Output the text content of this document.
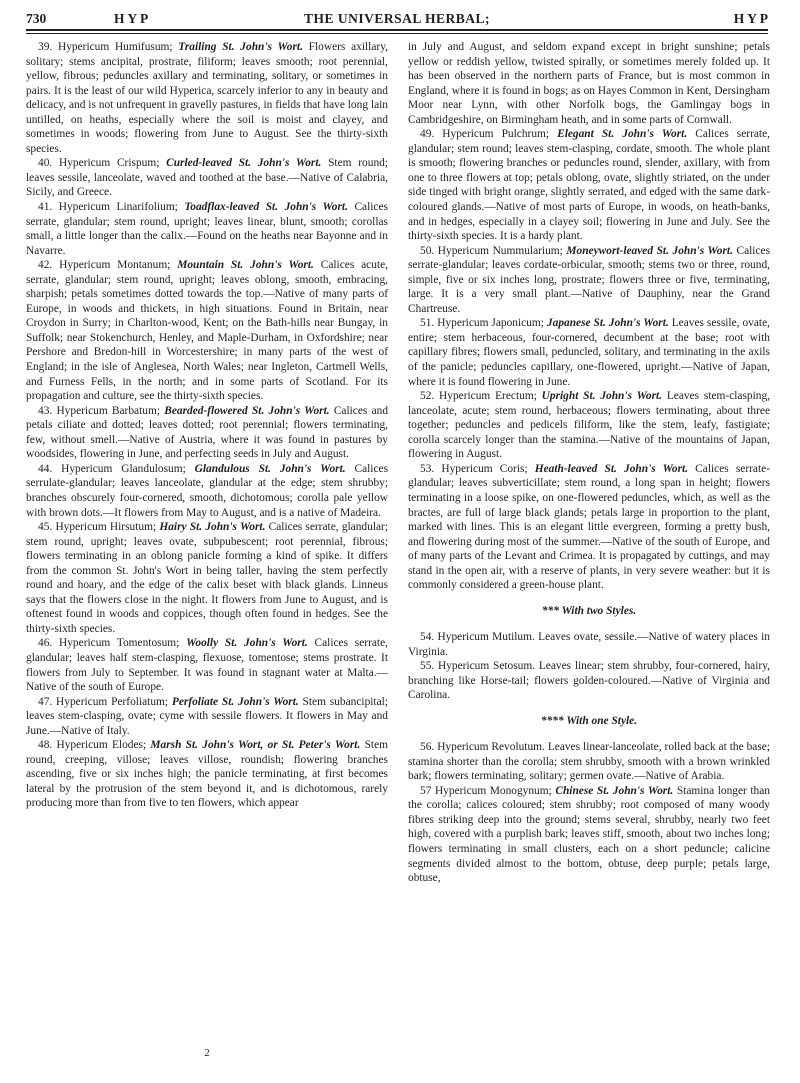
730	H Y P	THE UNIVERSAL HERBAL;	H Y P

39. Hypericum Humifusum; Trailing St. John's Wort. Flowers axillary, solitary; stems ancipital, prostrate, filiform; leaves smooth; root perennial, yellow, fibrous; peduncles axillary and terminating, solitary, or sometimes in pairs. It is the least of our wild Hyperica, scarcely inferior to any in beauty and delicacy, and is not unfrequent in gravelly pastures, in fields that have long lain untilled, on heaths, especially where the soil is moist and clayey, and sometimes in woods; flowering from June to August. See the thirty-sixth species.

40. Hypericum Crispum; Curled-leaved St. John's Wort. Stem round; leaves sessile, lanceolate, waved and toothed at the base.—Native of Calabria, Sicily, and Greece.

41. Hypericum Linarifolium; Toadflax-leaved St. John's Wort. Calices serrate, glandular; stem round, upright; leaves linear, blunt, smooth; corollas small, a little longer than the calix.—Found on the heaths near Bayonne and in Navarre.

42. Hypericum Montanum; Mountain St. John's Wort. Calices acute, serrate, glandular; stem round, upright; leaves oblong, smooth, embracing, sharpish; petals sometimes dotted towards the top.—Native of many parts of Europe, in woods and thickets, in high situations. Found in Britain, near Croydon in Surry; in Charlton-wood, Kent; on the Bath-hills near Bungay, in Suffolk; near Stokenchurch, Henley, and Maple-Durham, in Oxfordshire; near Pershore and Bredon-hill in Worcestershire; in many parts of the west of England; in the isle of Anglesea, North Wales; near Ingleton, Cartmell Wells, and Furness Fells, in the north; and in some parts of Scotland. For its propagation and culture, see the thirty-sixth species.

43. Hypericum Barbatum; Bearded-flowered St. John's Wort. Calices and petals ciliate and dotted; leaves dotted; root perennial; flowers terminating, few, without smell.—Native of Austria, where it was found in pastures by woodsides, flowering in June, and perfecting seeds in July and August.

44. Hypericum Glandulosum; Glandulous St. John's Wort. Calices serrulate-glandular; leaves lanceolate, glandular at the edge; stem shrubby; branches obscurely four-cornered, smooth, dichotomous; corolla pale yellow with brown dots.—It flowers from May to August, and is a native of Madeira.

45. Hypericum Hirsutum; Hairy St. John's Wort. Calices serrate, glandular; stem round, upright; leaves ovate, subpubescent; root perennial, fibrous; flowers terminating in an oblong panicle forming a kind of spike. It differs from the common St. John's Wort in being taller, having the stem perfectly round and hoary, and the edge of the calix beset with black glands. Linneus says that the flowers close in the night. It flowers from June to August, and is oftenest found in woods and coppices, though often found in hedges. See the thirty-sixth species.

46. Hypericum Tomentosum; Woolly St. John's Wort. Calices serrate, glandular; leaves half stem-clasping, flexuose, tomentose; stems prostrate. It flowers from July to September. It was found in stagnant water at Malta.—Native of the south of Europe.

47. Hypericum Perfoliatum; Perfoliate St. John's Wort. Stem subancipital; leaves stem-clasping, ovate; cyme with sessile flowers. It flowers in May and June.—Native of Italy.

48. Hypericum Elodes; Marsh St. John's Wort, or St. Peter's Wort. Stem round, creeping, villose; leaves villose, roundish; flowering branches ascending, five or six inches high; the panicle terminating, at first becomes lateral by the protrusion of the stem beyond it, and is dichotomous, rarely producing more than from five to ten flowers, which appear

in July and August, and seldom expand except in bright sunshine; petals yellow or reddish yellow, twisted spirally, or sometimes merely folded up. It has been observed in the northern parts of France, but is most common in England, where it is found in bogs; as on Hayes Common in Kent, Dersingham Moor near Lynn, with other Norfolk bogs, the Gamlingay bogs in Cambridgeshire, on Birmingham heath, and in some parts of Cornwall.

49. Hypericum Pulchrum; Elegant St. John's Wort. Calices serrate, glandular; stem round; leaves stem-clasping, cordate, smooth. The whole plant is smooth; flowering branches or peduncles round, slender, axillary, with from one to three flowers at top; petals oblong, ovate, slightly striated, on the under side tinged with bright orange, slightly serrated, and edged with the same dark-coloured glands.—Native of most parts of Europe, in woods, on heath-banks, and in hedges, especially in a clayey soil; flowering in June and July. See the thirty-sixth species. It is a hardy plant.

50. Hypericum Nummularium; Moneywort-leaved St. John's Wort. Calices serrate-glandular; leaves cordate-orbicular, smooth; stems two or three, round, simple, five or six inches long, prostrate; flowers three or five, terminating, large. It is a very small plant.—Native of Dauphiny, near the Grand Chartreuse.

51. Hypericum Japonicum; Japanese St. John's Wort. Leaves sessile, ovate, entire; stem herbaceous, four-cornered, decumbent at the base; root with capillary fibres; flowers small, peduncled, solitary, and terminating in the axils of the panicle; peduncles capillary, one-flowered, upright.—Native of Japan, where it is found flowering in June.

52. Hypericum Erectum; Upright St. John's Wort. Leaves stem-clasping, lanceolate, acute; stem round, herbaceous; flowers terminating, about three together; peduncles and pedicels filiform, like the stem, leafy, fastigiate; corolla scarcely longer than the stamina.—Native of the mountains of Japan, flowering in August.

53. Hypericum Coris; Heath-leaved St. John's Wort. Calices serrate-glandular; leaves subverticillate; stem round, a long span in height; flowers terminating in a loose spike, on one-flowered peduncles, which, as well as the bractes, are full of large black glands; petals large in proportion to the plant, marked with lines. This is an elegant little evergreen, forming a pretty bush, and flowering during most of the summer.—Native of the south of Europe, and of many parts of the Levant and Crimea. It is propagated by cuttings, and may stand in the open air, with a reserve of plants, in very severe weather: but it is commonly considered a green-house plant.

*** With two Styles.

54. Hypericum Mutilum. Leaves ovate, sessile.—Native of watery places in Virginia.

55. Hypericum Setosum. Leaves linear; stem shrubby, four-cornered, hairy, branching like Horse-tail; flowers golden-coloured.—Native of Virginia and Carolina.

**** With one Style.

56. Hypericum Revolutum. Leaves linear-lanceolate, rolled back at the base; stamina shorter than the corolla; stem shrubby, smooth with a brown wrinkled bark; flowers terminating, solitary; germen ovate.—Native of Arabia.

57 Hypericum Monogynum; Chinese St. John's Wort. Stamina longer than the corolla; calices coloured; stem shrubby; root composed of many woody fibres striking deep into the ground; stems several, shrubby, nearly two feet high, covered with a purplish bark; leaves stiff, smooth, about two inches long; flowers terminating in small clusters, each on a short peduncle; calicine segments divided almost to the bottom, obtuse, deep purple; petals large, obtuse,

2
